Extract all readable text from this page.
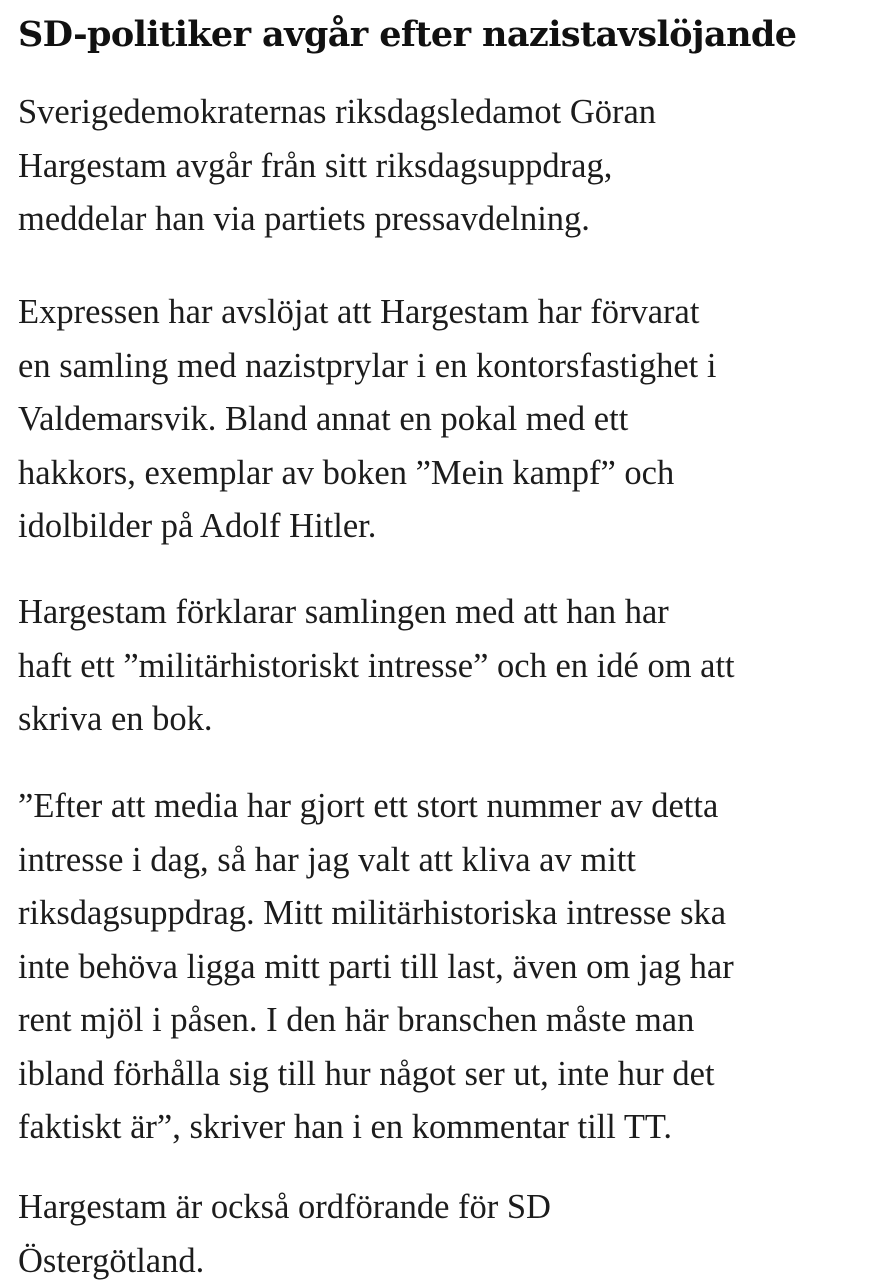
SD-politiker avgår efter nazistavslöjande

Sverigedemokraternas riksdagsledamot Göran
Hargestam avgår från sitt riksdagsuppdrag,
meddelar han via partiets pressavdelning.

Expressen har avslöjat att Hargestam har förvarat
en samling med nazistprylar i en kontorsfastighet i
Valdemarsvik. Bland annat en pokal med ett
hakkors, exemplar av boken ”Mein kampf” och
idolbilder på Adolf Hitler.

Hargestam förklarar samlingen med att han har
haft ett ”militärhistoriskt intresse” och en idé om att
skriva en bok.

”Efter att media har gjort ett stort nummer av detta
intresse i dag, så har jag valt att kliva av mitt
riksdagsuppdrag. Mitt militärhistoriska intresse ska
inte behöva ligga mitt parti till last, även om jag har
rent mjöl i påsen. I den här branschen måste man
ibland förhålla sig till hur något ser ut, inte hur det
faktiskt är”, skriver han i en kommentar till TT.

Hargestam är också ordförande för SD
Östergötland.
